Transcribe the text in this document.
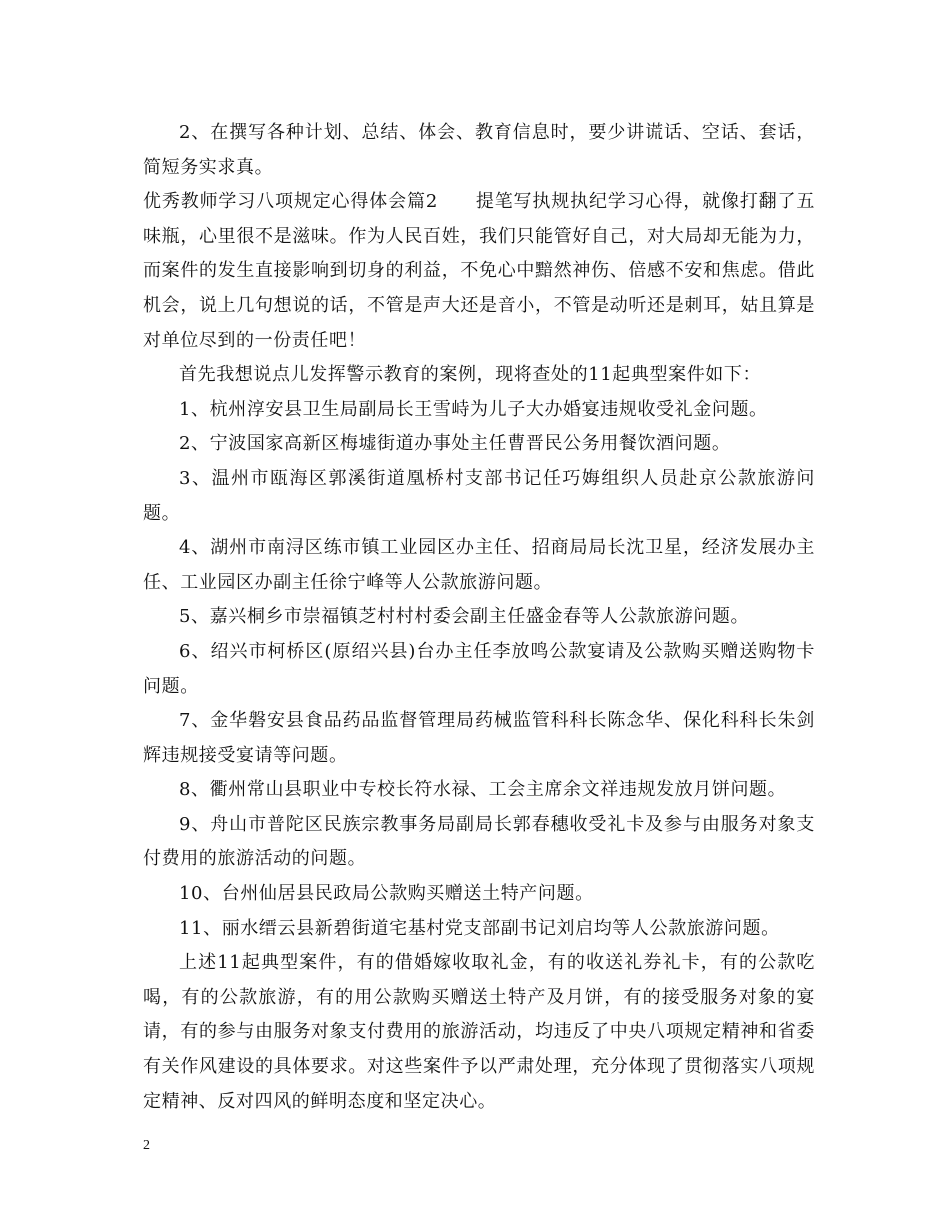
2、在撰写各种计划、总结、体会、教育信息时，要少讲谎话、空话、套话，简短务实求真。

优秀教师学习八项规定心得体会篇2　　提笔写执规执纪学习心得，就像打翻了五味瓶，心里很不是滋味。作为人民百姓，我们只能管好自己，对大局却无能为力，而案件的发生直接影响到切身的利益，不免心中黯然神伤、倍感不安和焦虑。借此机会，说上几句想说的话，不管是声大还是音小，不管是动听还是刺耳，姑且算是对单位尽到的一份责任吧！

首先我想说点儿发挥警示教育的案例，现将查处的11起典型案件如下：

1、杭州淳安县卫生局副局长王雪峙为儿子大办婚宴违规收受礼金问题。

2、宁波国家高新区梅墟街道办事处主任曹晋民公务用餐饮酒问题。

3、温州市瓯海区郭溪街道凰桥村支部书记任巧娒组织人员赴京公款旅游问题。

4、湖州市南浔区练市镇工业园区办主任、招商局局长沈卫星，经济发展办主任、工业园区办副主任徐宁峰等人公款旅游问题。

5、嘉兴桐乡市崇福镇芝村村村委会副主任盛金春等人公款旅游问题。

6、绍兴市柯桥区(原绍兴县)台办主任李放鸣公款宴请及公款购买赠送购物卡问题。

7、金华磐安县食品药品监督管理局药械监管科科长陈念华、保化科科长朱剑辉违规接受宴请等问题。

8、衢州常山县职业中专校长符水禄、工会主席余文祥违规发放月饼问题。

9、舟山市普陀区民族宗教事务局副局长郭春穗收受礼卡及参与由服务对象支付费用的旅游活动的问题。

10、台州仙居县民政局公款购买赠送土特产问题。

11、丽水缙云县新碧街道宅基村党支部副书记刘启均等人公款旅游问题。

上述11起典型案件，有的借婚嫁收取礼金，有的收送礼券礼卡，有的公款吃喝，有的公款旅游，有的用公款购买赠送土特产及月饼，有的接受服务对象的宴请，有的参与由服务对象支付费用的旅游活动，均违反了中央八项规定精神和省委有关作风建设的具体要求。对这些案件予以严肃处理，充分体现了贯彻落实八项规定精神、反对四风的鲜明态度和坚定决心。

2
